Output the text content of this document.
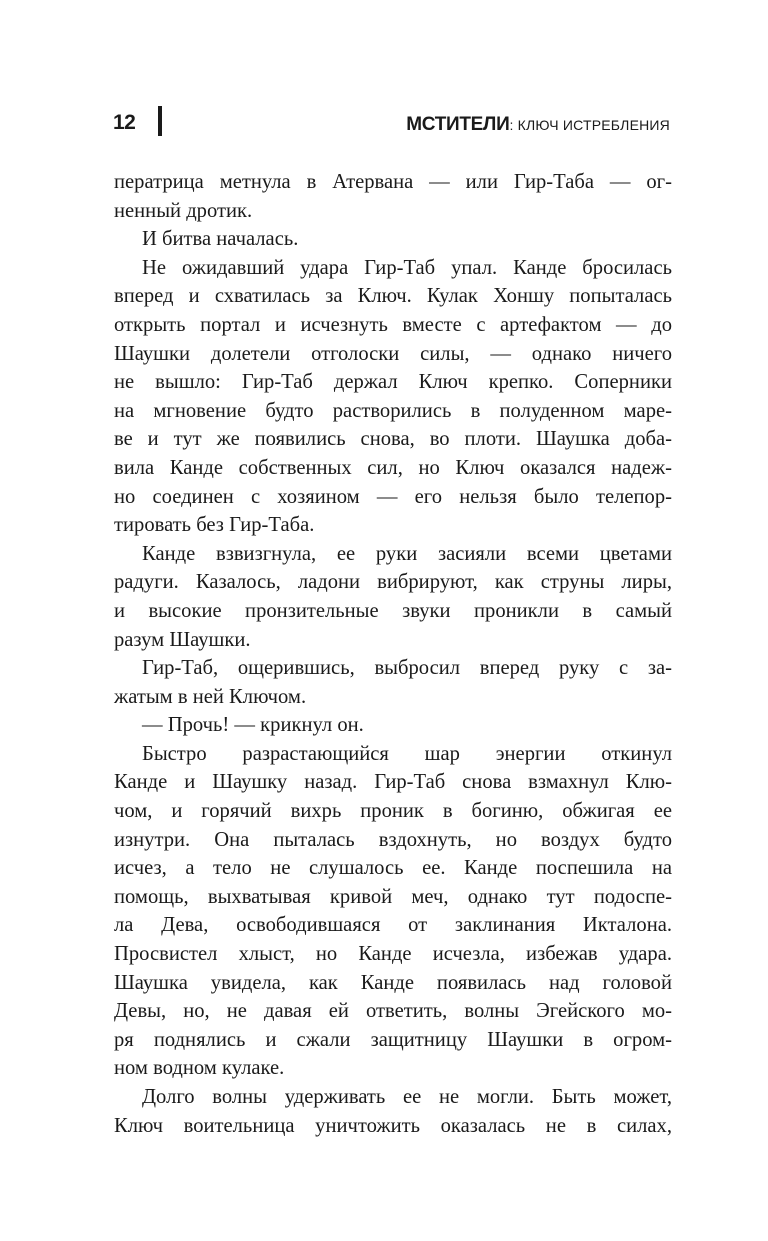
12	МСТИТЕЛИ: КЛЮЧ ИСТРЕБЛЕНИЯ
ператрица метнула в Атервана — или Гир-Таба — ог-
ненный дротик.
И битва началась.
Не ожидавший удара Гир-Таб упал. Канде бросилась
вперед и схватилась за Ключ. Кулак Хоншу попыталась
открыть портал и исчезнуть вместе с артефактом — до
Шаушки долетели отголоски силы, — однако ничего
не вышло: Гир-Таб держал Ключ крепко. Соперники
на мгновение будто растворились в полуденном маре-
ве и тут же появились снова, во плоти. Шаушка доба-
вила Канде собственных сил, но Ключ оказался надеж-
но соединен с хозяином — его нельзя было телепор-
тировать без Гир-Таба.
Канде взвизгнула, ее руки засияли всеми цветами
радуги. Казалось, ладони вибрируют, как струны лиры,
и высокие пронзительные звуки проникли в самый
разум Шаушки.
Гир-Таб, ощерившись, выбросил вперед руку с за-
жатым в ней Ключом.
— Прочь! — крикнул он.
Быстро разрастающийся шар энергии откинул
Канде и Шаушку назад. Гир-Таб снова взмахнул Клю-
чом, и горячий вихрь проник в богиню, обжигая ее
изнутри. Она пыталась вздохнуть, но воздух будто
исчез, а тело не слушалось ее. Канде поспешила на
помощь, выхватывая кривой меч, однако тут подоспе-
ла Дева, освободившаяся от заклинания Икталона.
Просвистел хлыст, но Канде исчезла, избежав удара.
Шаушка увидела, как Канде появилась над головой
Девы, но, не давая ей ответить, волны Эгейского мо-
ря поднялись и сжали защитницу Шаушки в огром-
ном водном кулаке.
Долго волны удерживать ее не могли. Быть может,
Ключ воительница уничтожить оказалась не в силах,
